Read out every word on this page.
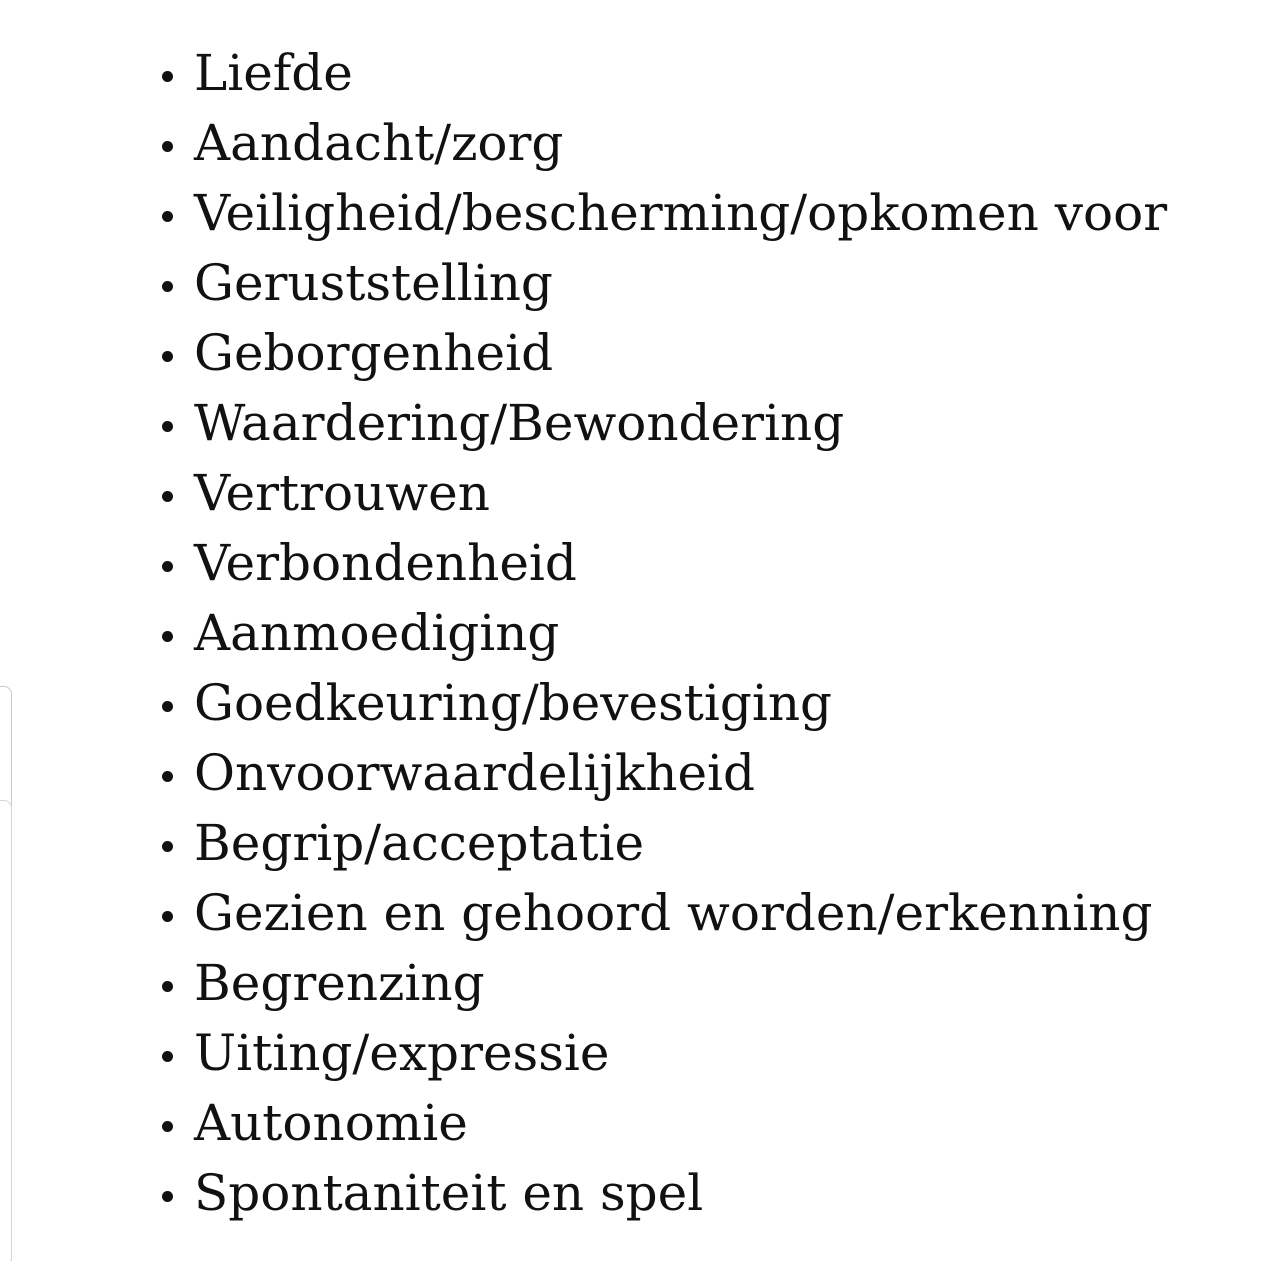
Liefde
Aandacht/zorg
Veiligheid/bescherming/opkomen voor
Geruststelling
Geborgenheid
Waardering/Bewondering
Vertrouwen
Verbondenheid
Aanmoediging
Goedkeuring/bevestiging
Onvoorwaardelijkheid
Begrip/acceptatie
Gezien en gehoord worden/erkenning
Begrenzing
Uiting/expressie
Autonomie
Spontaniteit en spel
